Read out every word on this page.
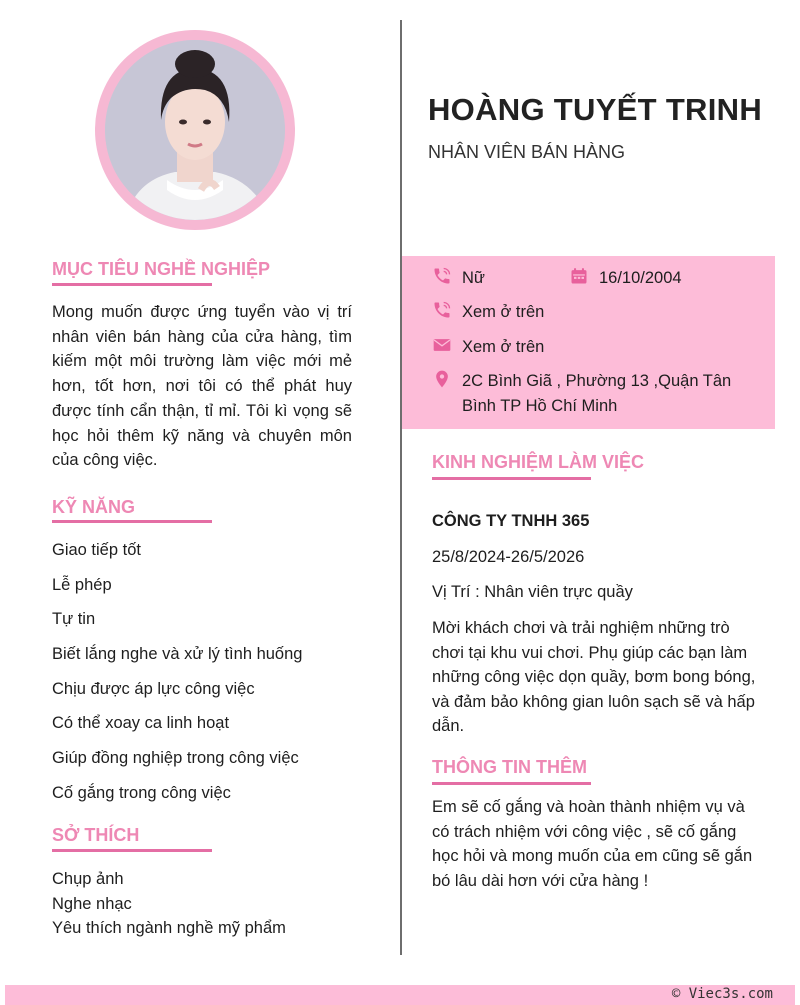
MỤC TIÊU NGHỀ NGHIỆP
Mong muốn được ứng tuyển vào vị trí nhân viên bán hàng của cửa hàng, tìm kiếm một môi trường làm việc mới mẻ hơn, tốt hơn, nơi tôi có thể phát huy được tính cẩn thận, tỉ mỉ. Tôi kì vọng sẽ học hỏi thêm kỹ năng và chuyên môn của công việc.
KỸ NĂNG
Giao tiếp tốt
Lễ phép
Tự tin
Biết lắng nghe và xử lý tình huống
Chịu được áp lực công việc
Có thể xoay ca linh hoạt
Giúp đồng nghiệp trong công việc
Cố gắng trong công việc
SỞ THÍCH
Chụp ảnh
Nghe nhạc
Yêu thích ngành nghề mỹ phẩm
HOÀNG TUYẾT TRINH
NHÂN VIÊN BÁN HÀNG
Nữ	16/10/2004
Xem ở trên
Xem ở trên
2C Bình Giã , Phường 13 ,Quận Tân
Bình TP Hồ Chí Minh
KINH NGHIỆM LÀM VIỆC
CÔNG TY TNHH 365
25/8/2024-26/5/2026
Vị Trí : Nhân viên trực quầy
Mời khách chơi và trải nghiệm những trò chơi tại khu vui chơi. Phụ giúp các bạn làm những công việc dọn quầy, bơm bong bóng, và đảm bảo không gian luôn sạch sẽ và hấp dẫn.
THÔNG TIN THÊM
Em sẽ cố gắng và hoàn thành nhiệm vụ và có trách nhiệm với công việc , sẽ cố gắng học hỏi và mong muốn của em cũng sẽ gắn bó lâu dài hơn với cửa hàng !
© Viec3s.com
